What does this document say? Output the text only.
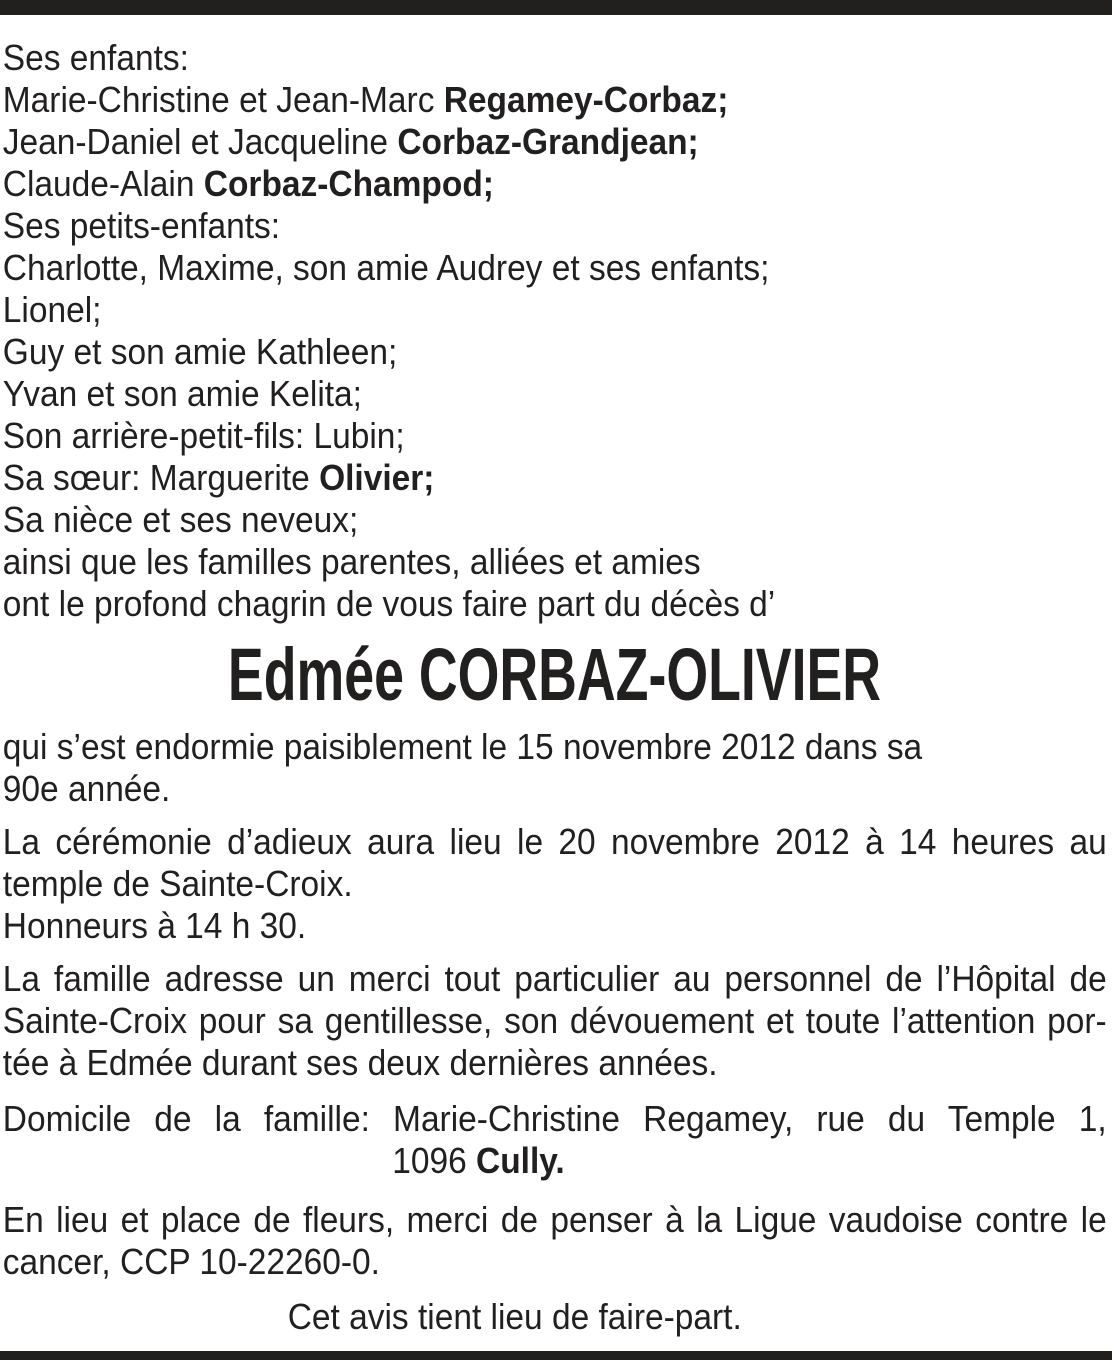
Ses enfants:
Marie-Christine et Jean-Marc Regamey-Corbaz;
Jean-Daniel et Jacqueline Corbaz-Grandjean;
Claude-Alain Corbaz-Champod;
Ses petits-enfants:
Charlotte, Maxime, son amie Audrey et ses enfants;
Lionel;
Guy et son amie Kathleen;
Yvan et son amie Kelita;
Son arrière-petit-fils: Lubin;
Sa sœur: Marguerite Olivier;
Sa nièce et ses neveux;
ainsi que les familles parentes, alliées et amies
ont le profond chagrin de vous faire part du décès d’
Edmée CORBAZ-OLIVIER
qui s’est endormie paisiblement le 15 novembre 2012 dans sa
90e année.
La cérémonie d’adieux aura lieu le 20 novembre 2012 à 14 heures au
temple de Sainte-Croix.
Honneurs à 14 h 30.
La famille adresse un merci tout particulier au personnel de l’Hôpital de
Sainte-Croix pour sa gentillesse, son dévouement et toute l’attention por-
tée à Edmée durant ses deux dernières années.
Domicile de la famille: Marie-Christine Regamey, rue du Temple 1,
1096 Cully.
En lieu et place de fleurs, merci de penser à la Ligue vaudoise contre le
cancer, CCP 10-22260-0.
Cet avis tient lieu de faire-part.
